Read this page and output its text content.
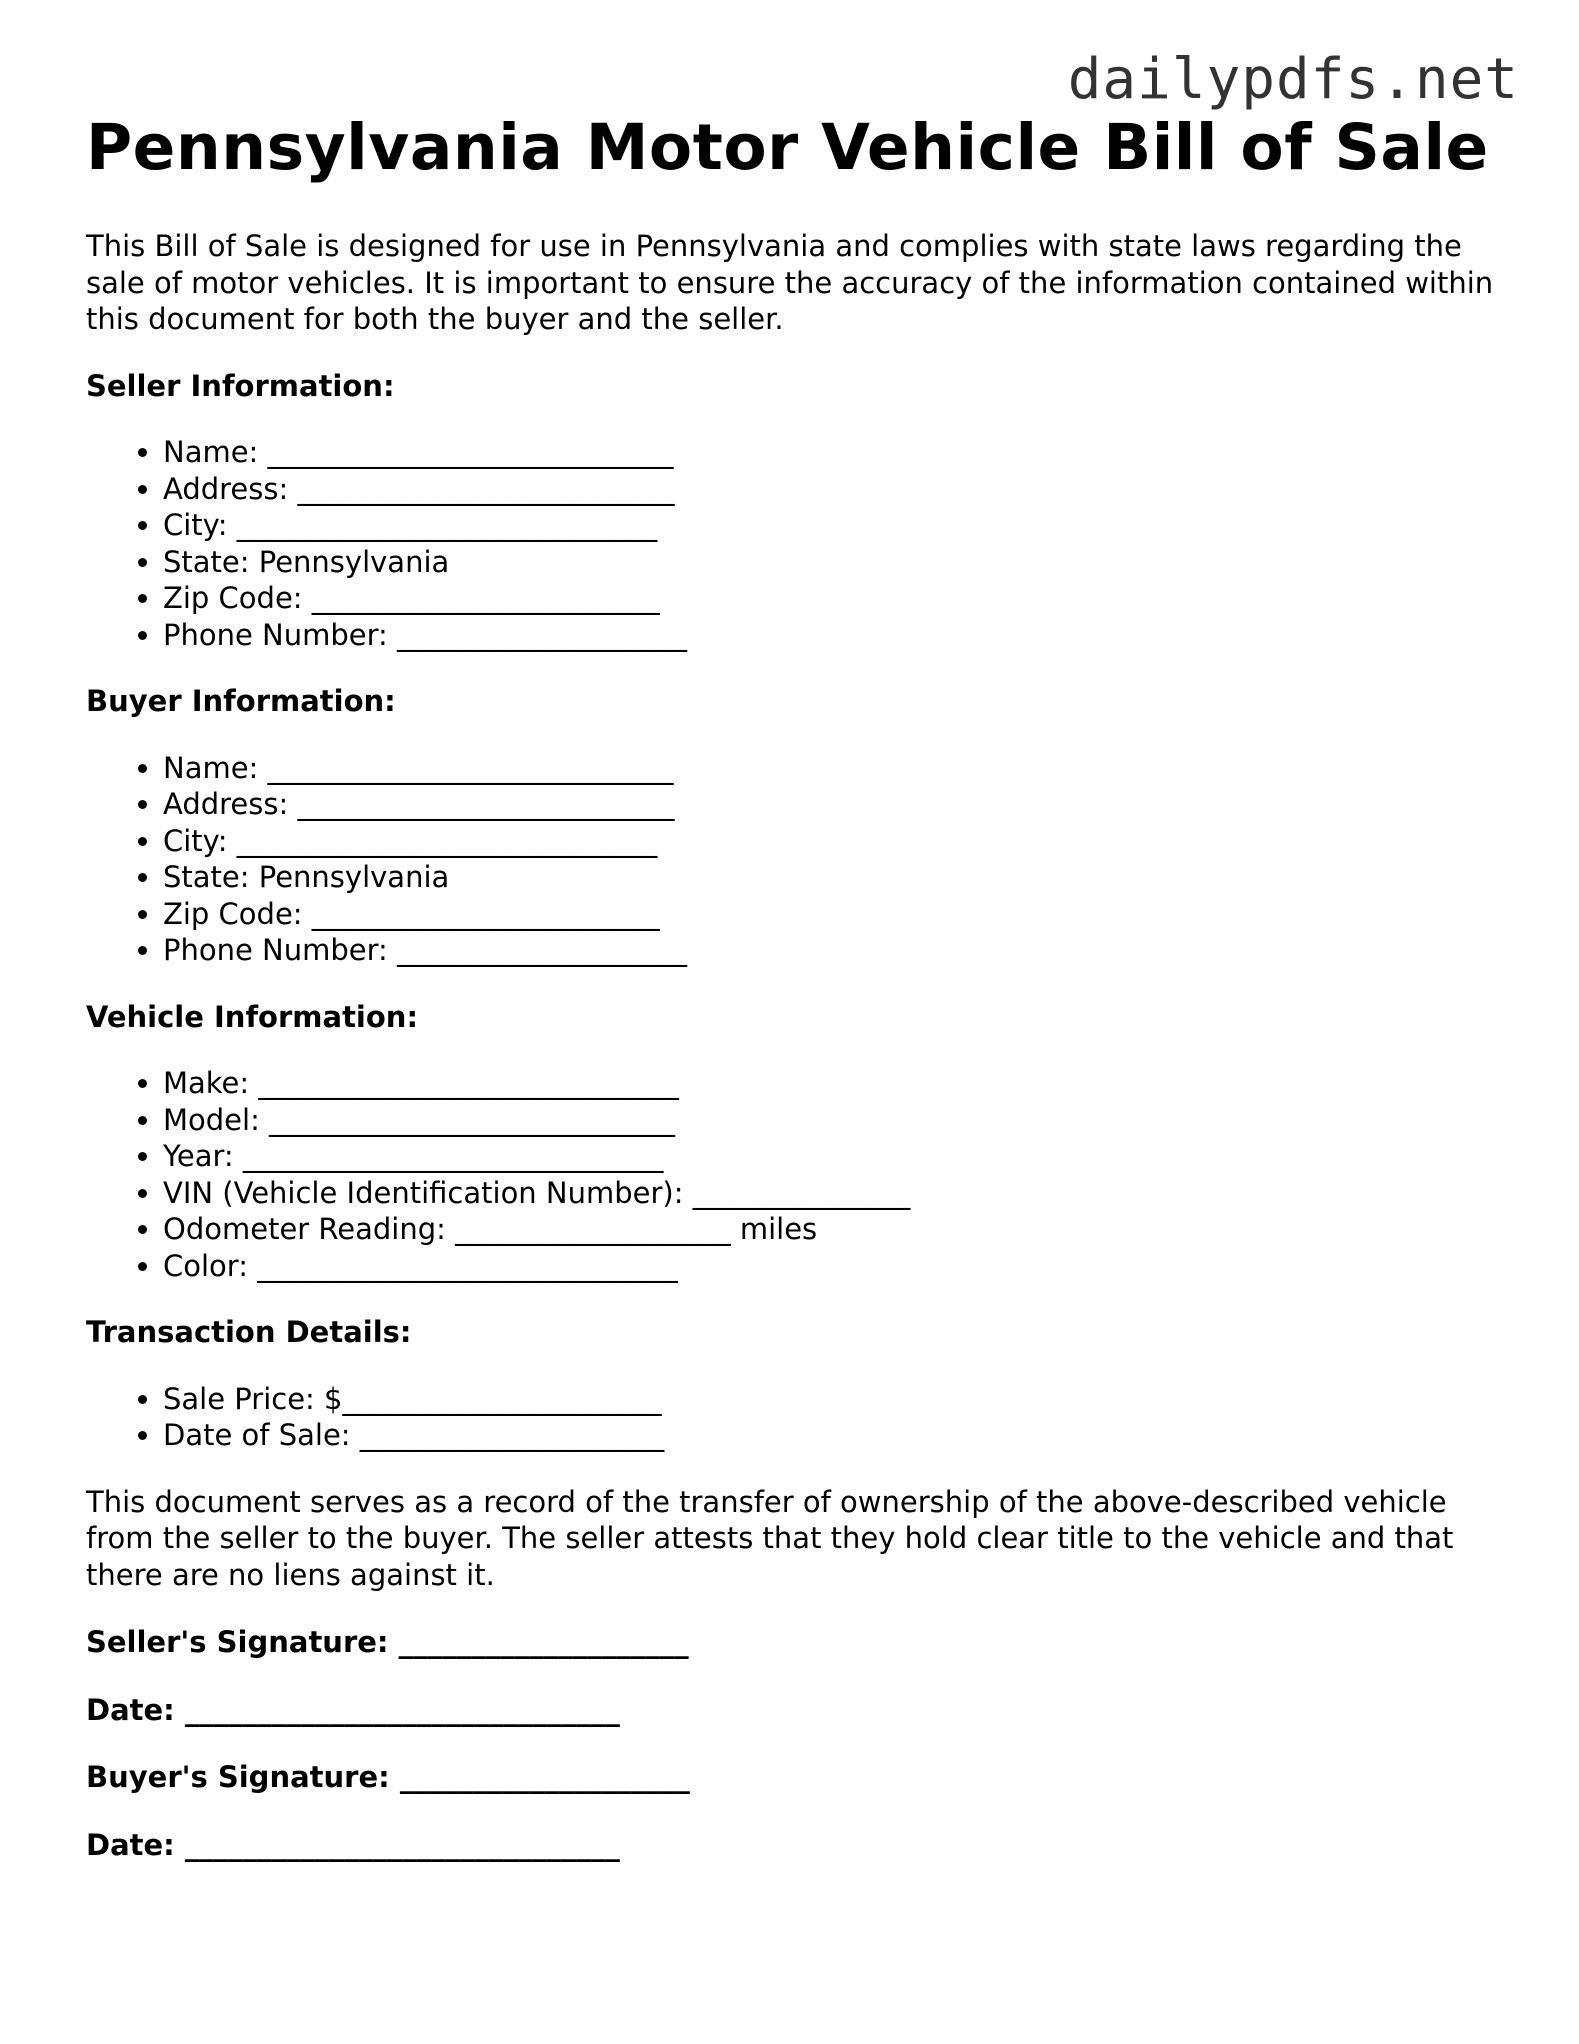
dailypdfs.net
Pennsylvania Motor Vehicle Bill of Sale

This Bill of Sale is designed for use in Pennsylvania and complies with state laws regarding the sale of motor vehicles. It is important to ensure the accuracy of the information contained within this document for both the buyer and the seller.

Seller Information:
• Name: ____________________________
• Address: __________________________
• City: _____________________________
• State: Pennsylvania
• Zip Code: ________________________
• Phone Number: ____________________
Buyer Information:
• Name: ____________________________
• Address: __________________________
• City: _____________________________
• State: Pennsylvania
• Zip Code: ________________________
• Phone Number: ____________________
Vehicle Information:
• Make: _____________________________
• Model: ____________________________
• Year: _____________________________
• VIN (Vehicle Identification Number): _______________
• Odometer Reading: ___________________ miles
• Color: _____________________________
Transaction Details:
• Sale Price: $______________________
• Date of Sale: _____________________

This document serves as a record of the transfer of ownership of the above-described vehicle from the seller to the buyer. The seller attests that they hold clear title to the vehicle and that there are no liens against it.

Seller's Signature: ____________________
Date: ______________________________
Buyer's Signature: ____________________
Date: ______________________________
